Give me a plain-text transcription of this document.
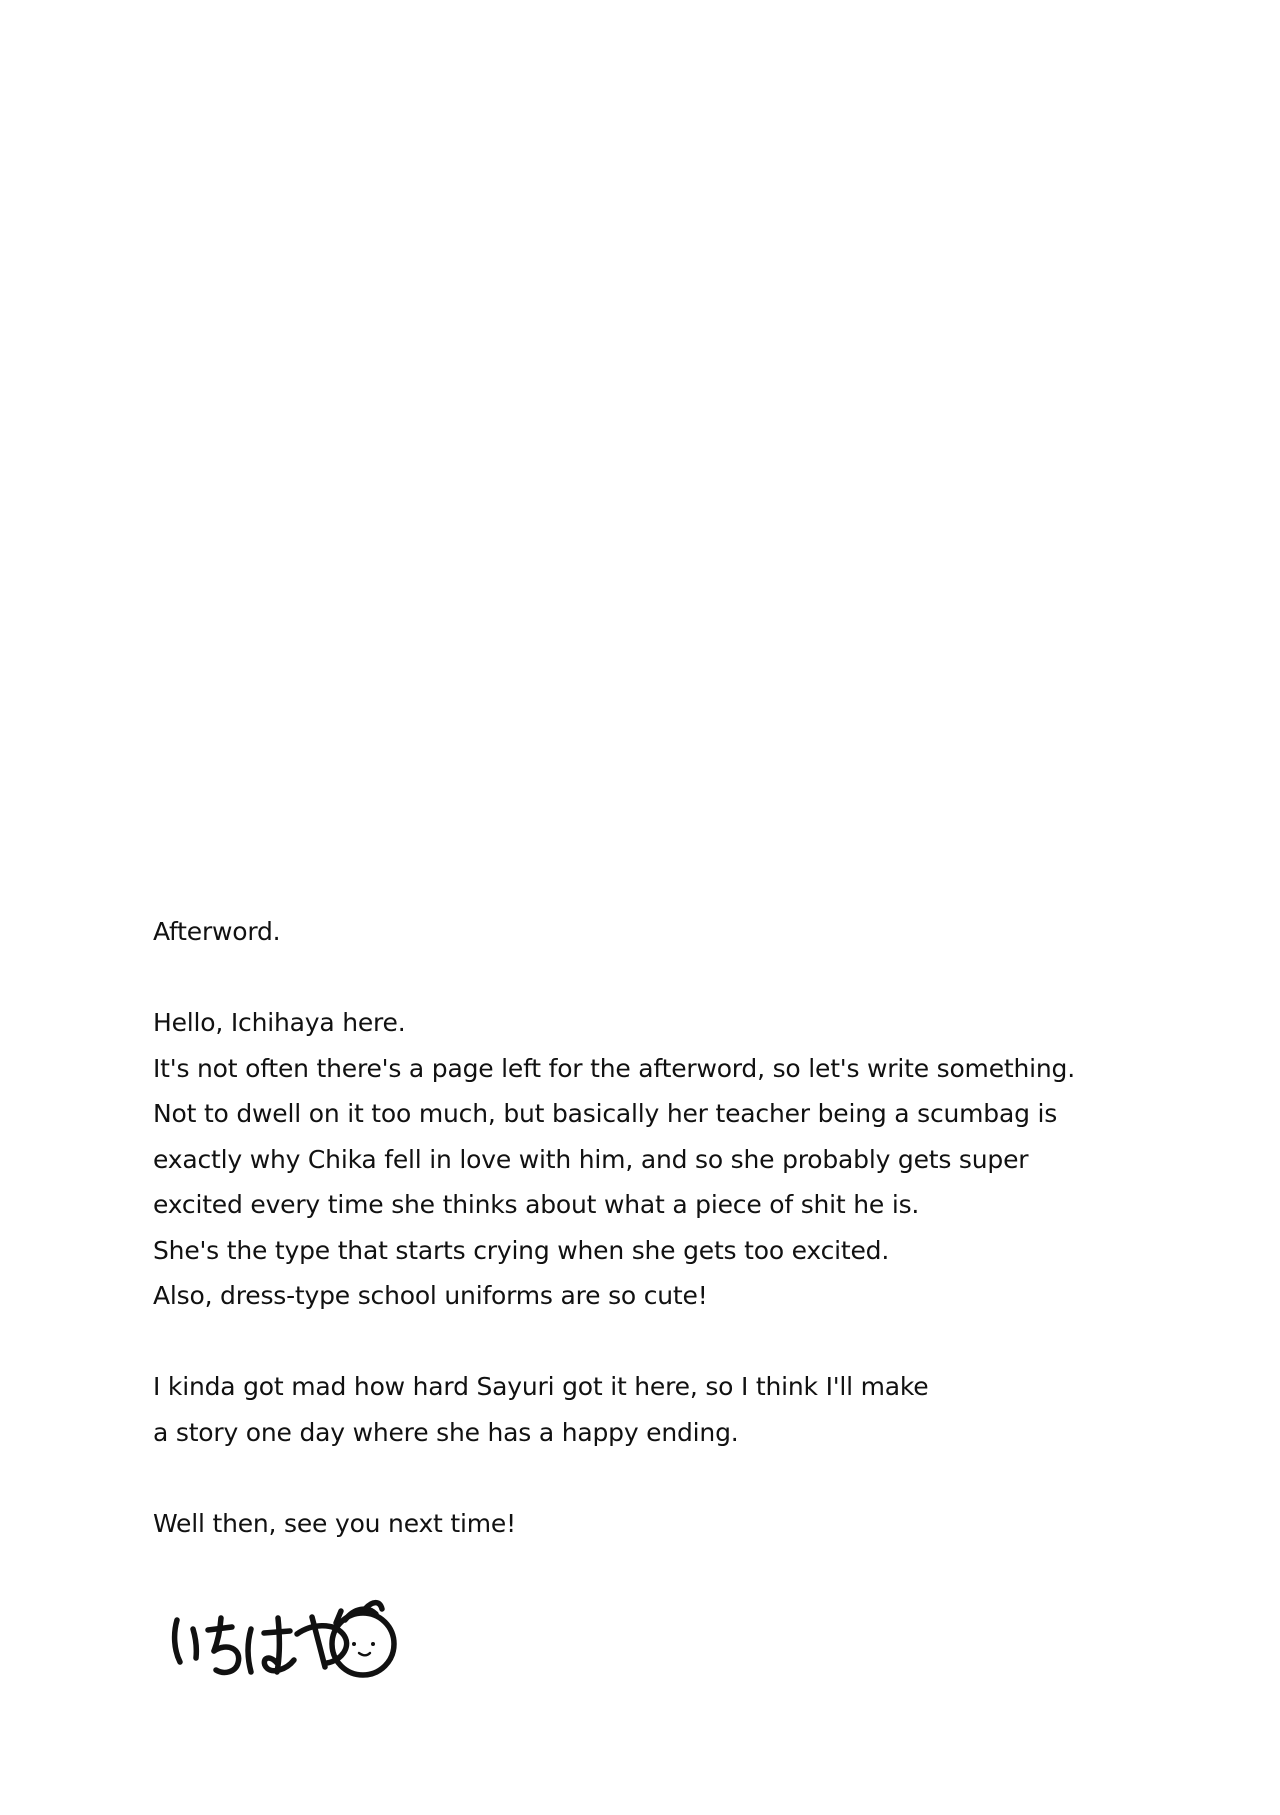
Afterword.
Hello, Ichihaya here.
It's not often there's a page left for the afterword, so let's write something.
Not to dwell on it too much, but basically her teacher being a scumbag is
exactly why Chika fell in love with him, and so she probably gets super
excited every time she thinks about what a piece of shit he is.
She's the type that starts crying when she gets too excited.
Also, dress-type school uniforms are so cute!
I kinda got mad how hard Sayuri got it here, so I think I'll make
a story one day where she has a happy ending.
Well then, see you next time!
